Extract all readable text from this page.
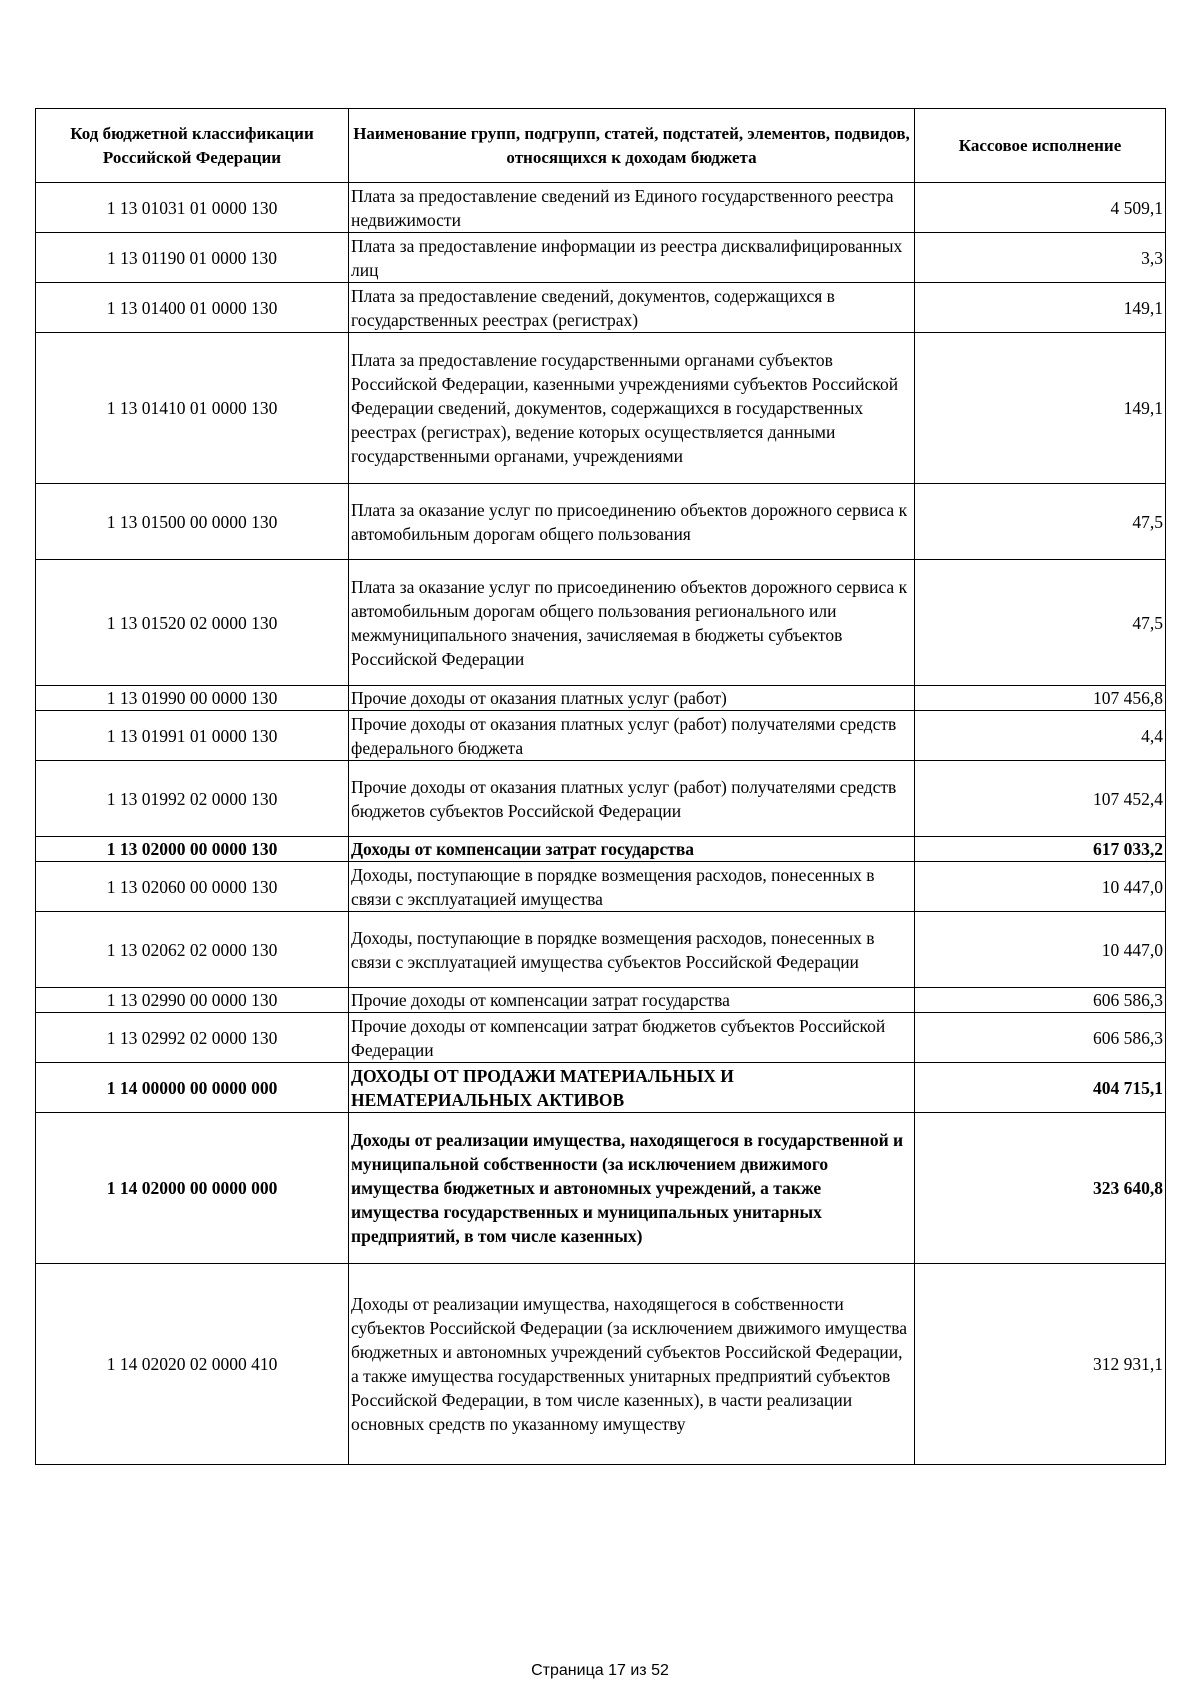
Код бюджетной классификации Российской Федерации	Наименование групп, подгрупп, статей, подстатей, элементов, подвидов, относящихся к доходам бюджета	Кассовое исполнение
1 13 01031 01 0000 130	Плата за предоставление сведений из Единого государственного реестра недвижимости	4 509,1
1 13 01190 01 0000 130	Плата за предоставление информации из реестра дисквалифицированных лиц	3,3
1 13 01400 01 0000 130	Плата за предоставление сведений, документов, содержащихся в государственных реестрах (регистрах)	149,1
1 13 01410 01 0000 130	Плата за предоставление государственными органами субъектов Российской Федерации, казенными учреждениями субъектов Российской Федерации сведений, документов, содержащихся в государственных реестрах (регистрах), ведение которых осуществляется данными государственными органами, учреждениями	149,1
1 13 01500 00 0000 130	Плата за оказание услуг по присоединению объектов дорожного сервиса к автомобильным дорогам общего пользования	47,5
1 13 01520 02 0000 130	Плата за оказание услуг по присоединению объектов дорожного сервиса к автомобильным дорогам общего пользования регионального или межмуниципального значения, зачисляемая в бюджеты субъектов Российской Федерации	47,5
1 13 01990 00 0000 130	Прочие доходы от оказания платных услуг (работ)	107 456,8
1 13 01991 01 0000 130	Прочие доходы от оказания платных услуг (работ) получателями средств федерального бюджета	4,4
1 13 01992 02 0000 130	Прочие доходы от оказания платных услуг (работ) получателями средств бюджетов субъектов Российской Федерации	107 452,4
1 13 02000 00 0000 130	Доходы от компенсации затрат государства	617 033,2
1 13 02060 00 0000 130	Доходы, поступающие в порядке возмещения расходов, понесенных в связи с эксплуатацией имущества	10 447,0
1 13 02062 02 0000 130	Доходы, поступающие в порядке возмещения расходов, понесенных в связи с эксплуатацией имущества субъектов Российской Федерации	10 447,0
1 13 02990 00 0000 130	Прочие доходы от компенсации затрат государства	606 586,3
1 13 02992 02 0000 130	Прочие доходы от компенсации затрат бюджетов субъектов Российской Федерации	606 586,3
1 14 00000 00 0000 000	ДОХОДЫ ОТ ПРОДАЖИ МАТЕРИАЛЬНЫХ И НЕМАТЕРИАЛЬНЫХ АКТИВОВ	404 715,1
1 14 02000 00 0000 000	Доходы от реализации имущества, находящегося в государственной и муниципальной собственности (за исключением движимого имущества бюджетных и автономных учреждений, а также имущества государственных и муниципальных унитарных предприятий, в том числе казенных)	323 640,8
1 14 02020 02 0000 410	Доходы от реализации имущества, находящегося в собственности субъектов Российской Федерации (за исключением движимого имущества бюджетных и автономных учреждений субъектов Российской Федерации, а также имущества государственных унитарных предприятий субъектов Российской Федерации, в том числе казенных), в части реализации основных средств по указанному имуществу	312 931,1
Страница 17 из 52
